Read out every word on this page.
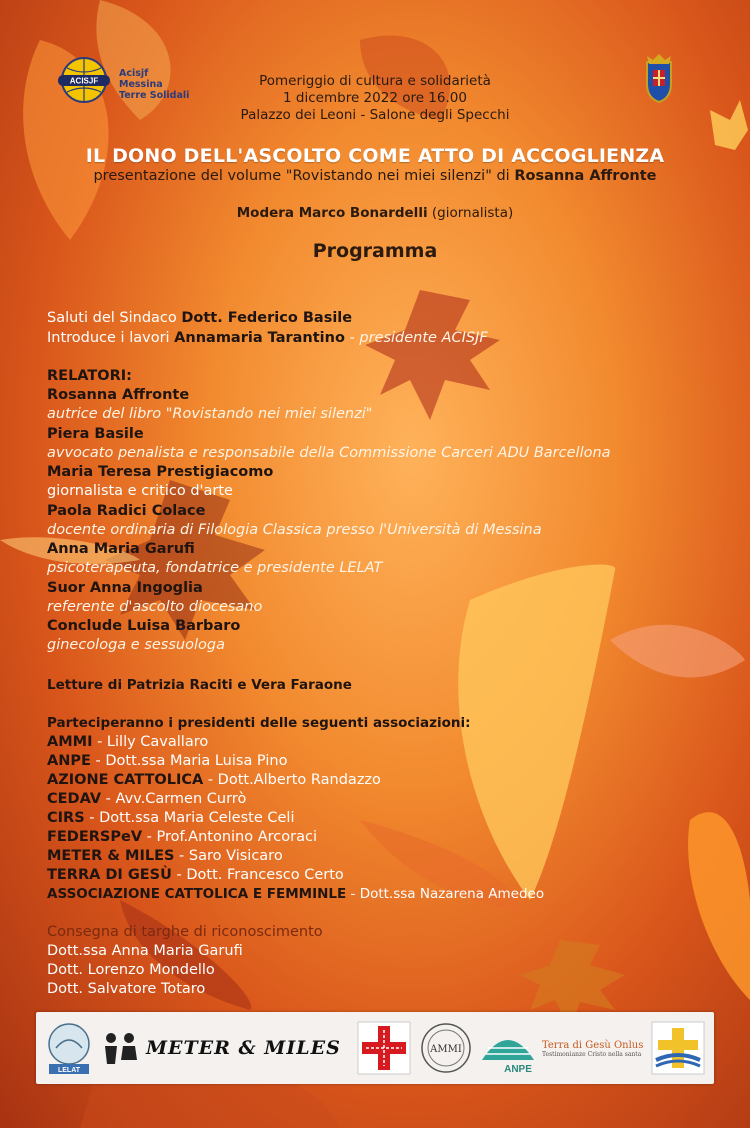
ACISJF
Acisjf Messina
Terre Solidali
Pomeriggio di cultura e solidarietà
1 dicembre 2022 ore 16.00
Palazzo dei Leoni - Salone degli Specchi
IL DONO DELL'ASCOLTO COME ATTO DI ACCOGLIENZA
presentazione del volume "Rovistando nei miei silenzi" di Rosanna Affronte
Modera Marco Bonardelli (giornalista)
Programma
Saluti del Sindaco Dott. Federico Basile
Introduce i lavori Annamaria Tarantino - presidente ACISJF
RELATORI:
Rosanna Affronte
autrice del libro "Rovistando nei miei silenzi"
Piera Basile
avvocato penalista e responsabile della Commissione Carceri ADU Barcellona
Maria Teresa Prestigiacomo
giornalista e critico d'arte
Paola Radici Colace
docente ordinaria di Filologia Classica presso l'Università di Messina
Anna Maria Garufi
psicoterapeuta, fondatrice e presidente LELAT
Suor Anna Ingoglia
referente d'ascolto diocesano
Conclude Luisa Barbaro
ginecologa e sessuologa
Letture di Patrizia Raciti e Vera Faraone
Parteciperanno i presidenti delle seguenti associazioni:
AMMI - Lilly Cavallaro
ANPE - Dott.ssa Maria Luisa Pino
AZIONE CATTOLICA - Dott.Alberto Randazzo
CEDAV - Avv.Carmen Currò
CIRS - Dott.ssa Maria Celeste Celi
FEDERSPeV - Prof.Antonino Arcoraci
METER & MILES - Saro Visicaro
TERRA DI GESÙ - Dott. Francesco Certo
ASSOCIAZIONE CATTOLICA E FEMMINLE - Dott.ssa Nazarena Amedeo
Consegna di targhe di riconoscimento
Dott.ssa Anna Maria Garufi
Dott. Lorenzo Mondello
Dott. Salvatore Totaro
LELAT
METER & MILES	AMMI
ANPE
Terra di Gesù Onlus
Testimonianze Cristo nella santa
